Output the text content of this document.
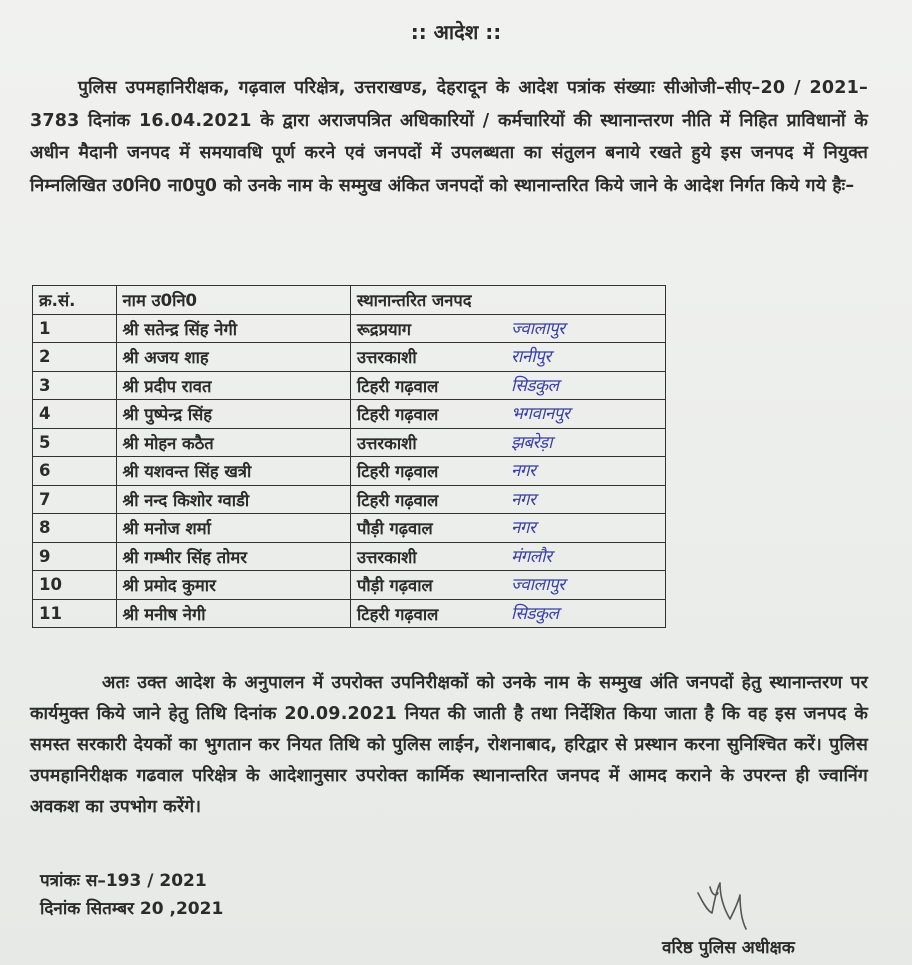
:: आदेश ::
पुलिस उपमहानिरीक्षक, गढ़वाल परिक्षेत्र, उत्तराखण्ड, देहरादून के आदेश पत्रांक संख्याः सीओजी–सीए–20 / 2021–3783 दिनांक 16.04.2021 के द्वारा अराजपत्रित अधिकारियों / कर्मचारियों की स्थानान्तरण नीति में निहित प्राविधानों के अधीन मैदानी जनपद में समयावधि पूर्ण करने एवं जनपदों में उपलब्धता का संतुलन बनाये रखते हुये इस जनपद में नियुक्त निम्नलिखित उ0नि0 ना0पु0 को उनके नाम के सम्मुख अंकित जनपदों को स्थानान्तरित किये जाने के आदेश निर्गत किये गये हैः–
क्र.सं.	नाम उ0नि0	स्थानान्तरित जनपद
1	श्री सतेन्द्र सिंह नेगी	रूद्रप्रयाग ज्वालापुर

2	श्री अजय शाह	उत्तरकाशी रानीपुर

3	श्री प्रदीप रावत	टिहरी गढ़वाल सिडकुल

4	श्री पुष्पेन्द्र सिंह	टिहरी गढ़वाल भगवानपुर

5	श्री मोहन कठैत	उत्तरकाशी झबरेड़ा

6	श्री यशवन्त सिंह खत्री	टिहरी गढ़वाल नगर

7	श्री नन्द किशोर ग्वाडी	टिहरी गढ़वाल नगर

8	श्री मनोज शर्मा	पौड़ी गढ़वाल नगर

9	श्री गम्भीर सिंह तोमर	उत्तरकाशी मंगलौर

10	श्री प्रमोद कुमार	पौड़ी गढ़वाल ज्वालापुर

11	श्री मनीष नेगी	टिहरी गढ़वाल सिडकुल
अतः उक्त आदेश के अनुपालन में उपरोक्त उपनिरीक्षकों को उनके नाम के सम्मुख अंति जनपदों हेतु स्थानान्तरण पर कार्यमुक्त किये जाने हेतु तिथि दिनांक 20.09.2021 नियत की जाती है तथा निर्देशित किया जाता है कि वह इस जनपद के समस्त सरकारी देयकों का भुगतान कर नियत तिथि को पुलिस लाईन, रोशनाबाद, हरिद्वार से प्रस्थान करना सुनिश्चित करें। पुलिस उपमहानिरीक्षक गढवाल परिक्षेत्र के आदेशानुसार उपरोक्त कार्मिक स्थानान्तरित जनपद में आमद कराने के उपरन्त ही ज्वानिंग अवकश का उपभोग करेंगे।
पत्रांकः स–193 / 2021
दिनांक सितम्बर 20 ,2021
वरिष्ठ पुलिस अधीक्षक
